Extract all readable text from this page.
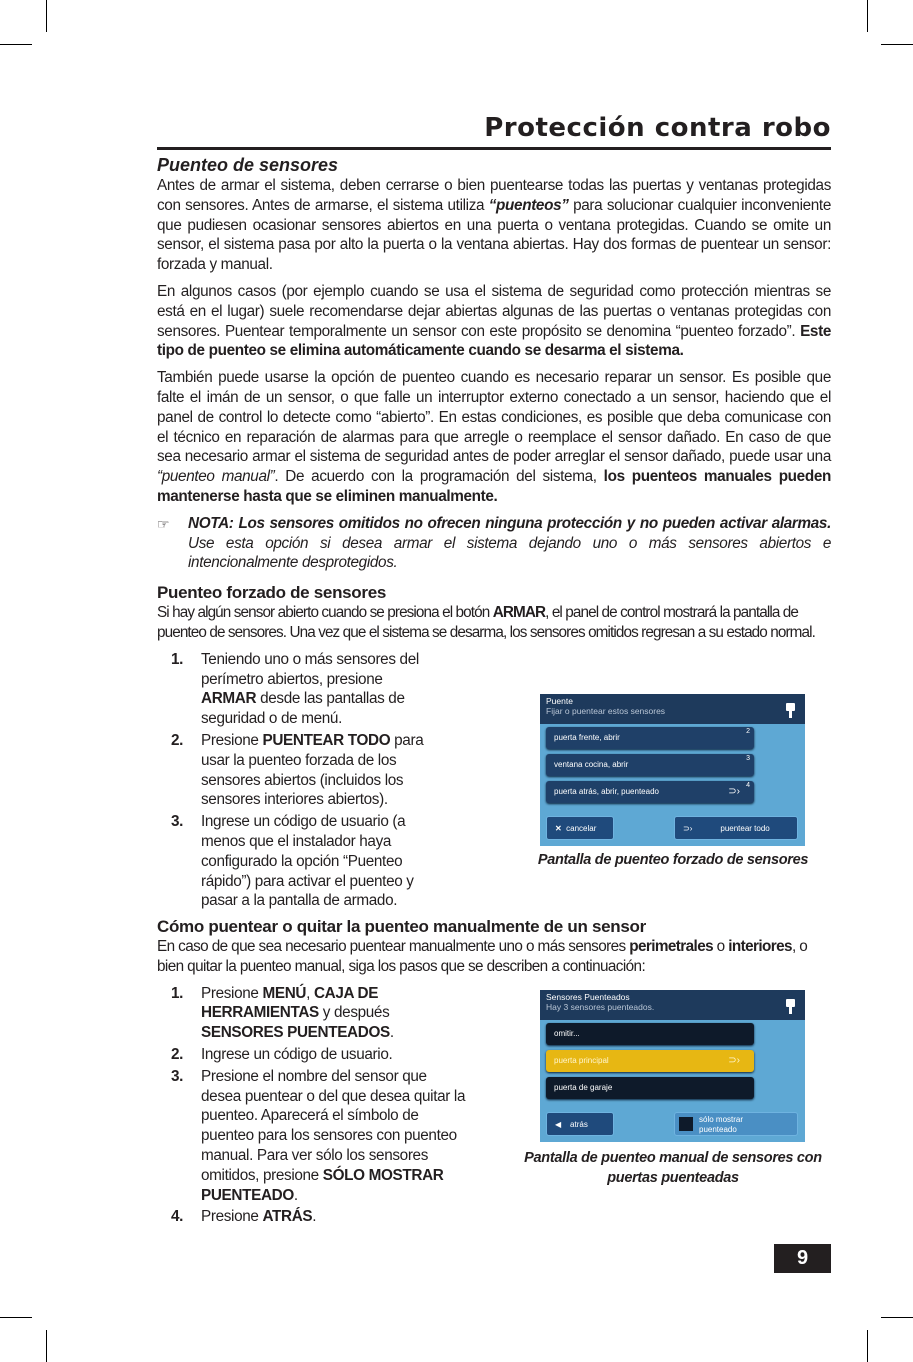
Protección contra robo
Puenteo de sensores

Antes de armar el sistema, deben cerrarse o bien puentearse todas las puertas y ventanas protegidas con sensores. Antes de armarse, el sistema utiliza “puenteos” para solucionar cualquier inconveniente que pudiesen ocasionar sensores abiertos en una puerta o ventana protegidas. Cuando se omite un sensor, el sistema pasa por alto la puerta o la ventana abiertas. Hay dos formas de puentear un sensor: forzada y manual.

En algunos casos (por ejemplo cuando se usa el sistema de seguridad como protección mientras se está en el lugar) suele recomendarse dejar abiertas algunas de las puertas o ventanas protegidas con sensores. Puentear temporalmente un sensor con este propósito se denomina “puenteo forzado”. Este tipo de puenteo se elimina automáticamente cuando se desarma el sistema.

También puede usarse la opción de puenteo cuando es necesario reparar un sensor. Es posible que falte el imán de un sensor, o que falle un interruptor externo conectado a un sensor, haciendo que el panel de control lo detecte como “abierto”. En estas condiciones, es posible que deba comunicase con el técnico en reparación de alarmas para que arregle o reemplace el sensor dañado. En caso de que sea necesario armar el sistema de seguridad antes de poder arreglar el sensor dañado, puede usar una “puenteo manual”. De acuerdo con la programación del sistema, los puenteos manuales pueden mantenerse hasta que se eliminen manualmente.

☞	NOTA: Los sensores omitidos no ofrecen ninguna protección y no pueden activar alarmas. Use esta opción si desea armar el sistema dejando uno o más sensores abiertos e intencionalmente desprotegidos.

Puenteo forzado de sensores

Si hay algún sensor abierto cuando se presiona el botón ARMAR, el panel de control mostrará la pantalla de puenteo de sensores. Una vez que el sistema se desarma, los sensores omitidos regresan a su estado normal.

1.	Teniendo uno o más sensores del perímetro abiertos, presione ARMAR desde las pantallas de seguridad o de menú.
2.	Presione PUENTEAR TODO para usar la puenteo forzada de los sensores abiertos (incluidos los sensores interiores abiertos).
3.	Ingrese un código de usuario (a menos que el instalador haya configurado la opción “Puenteo rápido”) para activar el puenteo y pasar a la pantalla de armado.
Puente
Fijar o puentear estos sensores
puerta frente, abrir
2
ventana cocina, abrir
3
puerta atrás, abrir, puenteado	⊃›
4
✕ cancelar	⊃›	puentear todo
Pantalla de puenteo forzado de sensores
Cómo puentear o quitar la puenteo manualmente de un sensor

En caso de que sea necesario puentear manualmente uno o más sensores perimetrales o interiores, o bien quitar la puenteo manual, siga los pasos que se describen a continuación:

1.	Presione MENÚ, CAJA DE HERRAMIENTAS y después SENSORES PUENTEADOS.
2.	Ingrese un código de usuario.
3.	Presione el nombre del sensor que desea puentear o del que desea quitar la puenteo. Aparecerá el símbolo de puenteo para los sensores con puenteo manual. Para ver sólo los sensores omitidos, presione SÓLO MOSTRAR PUENTEADO.
4.	Presione ATRÁS.
Sensores Puenteados
Hay 3 sensores puenteados.
omitir...
puerta principal	⊃›
puerta de garaje
◀ atrás
sólo mostrar puenteado
Pantalla de puenteo manual de sensores con puertas puenteadas
9
